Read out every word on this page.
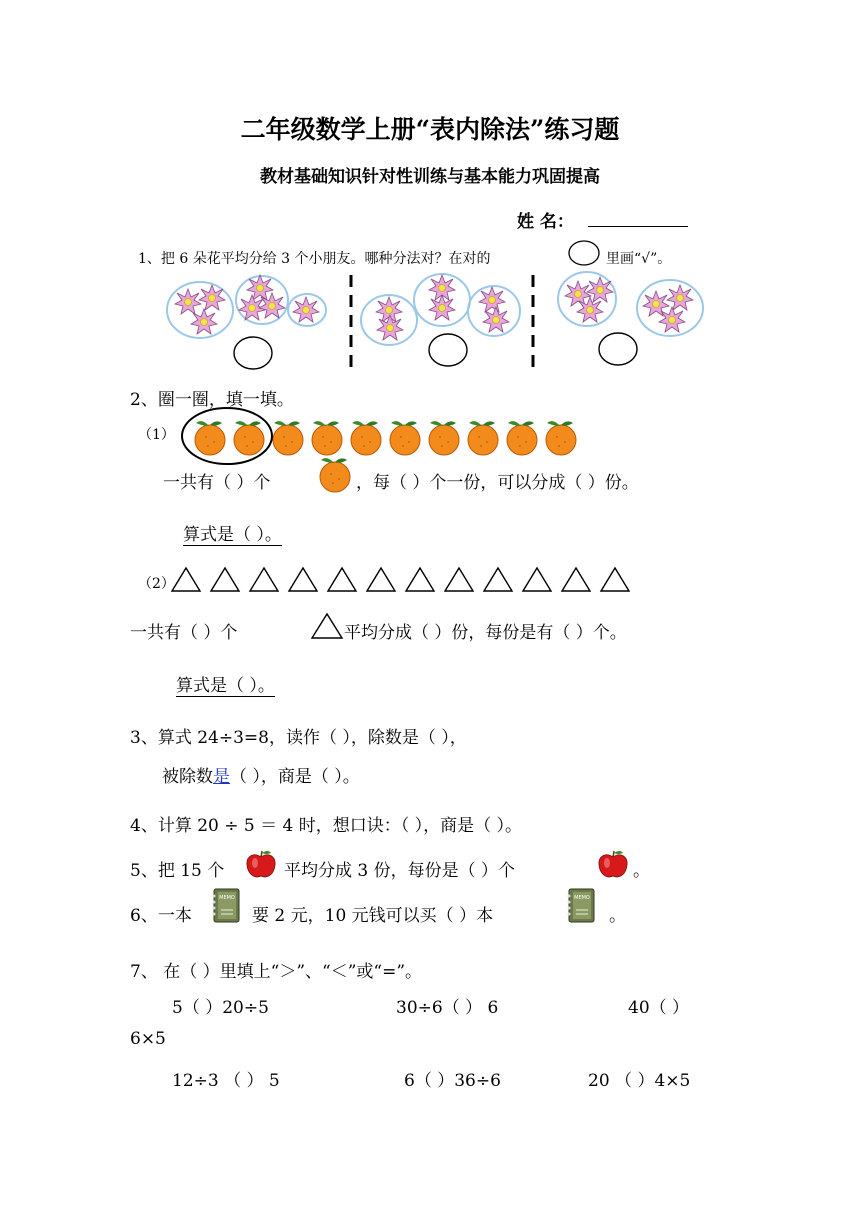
二年级数学上册“表内除法”练习题
教材基础知识针对性训练与基本能力巩固提高
姓 名：
1、把 6 朵花平均分给 3 个小朋友。哪种分法对？在对的	里画“√”。
2、圈一圈，填一填。
（1）
一共有（ ）个	，每（ ）个一份，可以分成（ ）份。
算式是（ ）。
（2）
一共有（ ）个	平均分成（ ）份，每份是有（ ）个。
算式是（ ）。
3、算式 24÷3=8，读作（ ），除数是（ ），
被除数是（ ），商是（ ）。
4、计算 20 ÷ 5 ＝ 4 时，想口诀：（ ），商是（ ）。
5、把 15 个	平均分成 3 份，每份是（ ）个	。
6、一本
MEMO
要 2 元，10 元钱可以买（ ）本
MEMO
。
7、 在（ ）里填上“＞”、“＜”或“=”。
5（ ）20÷5	30÷6（ ） 6	40（ ）
6×5
12÷3 （ ） 5	6（ ）36÷6	20 （ ）4×5
